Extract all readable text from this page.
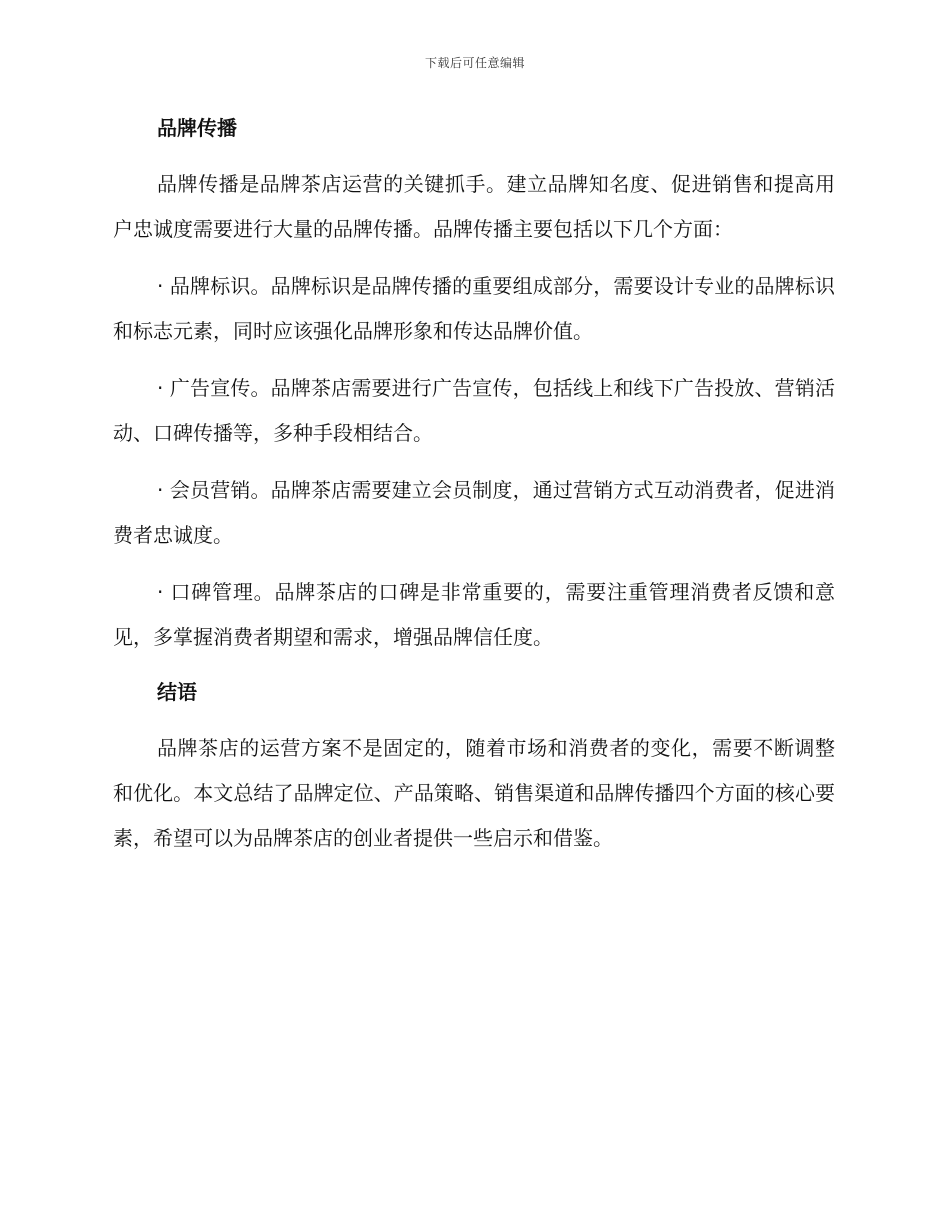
下载后可任意编辑
品牌传播

品牌传播是品牌茶店运营的关键抓手。建立品牌知名度、促进销售和提高用户忠诚度需要进行大量的品牌传播。品牌传播主要包括以下几个方面：

· 品牌标识。品牌标识是品牌传播的重要组成部分，需要设计专业的品牌标识和标志元素，同时应该强化品牌形象和传达品牌价值。

· 广告宣传。品牌茶店需要进行广告宣传，包括线上和线下广告投放、营销活动、口碑传播等，多种手段相结合。

· 会员营销。品牌茶店需要建立会员制度，通过营销方式互动消费者，促进消费者忠诚度。

· 口碑管理。品牌茶店的口碑是非常重要的，需要注重管理消费者反馈和意见，多掌握消费者期望和需求，增强品牌信任度。

结语

品牌茶店的运营方案不是固定的，随着市场和消费者的变化，需要不断调整和优化。本文总结了品牌定位、产品策略、销售渠道和品牌传播四个方面的核心要素，希望可以为品牌茶店的创业者提供一些启示和借鉴。
